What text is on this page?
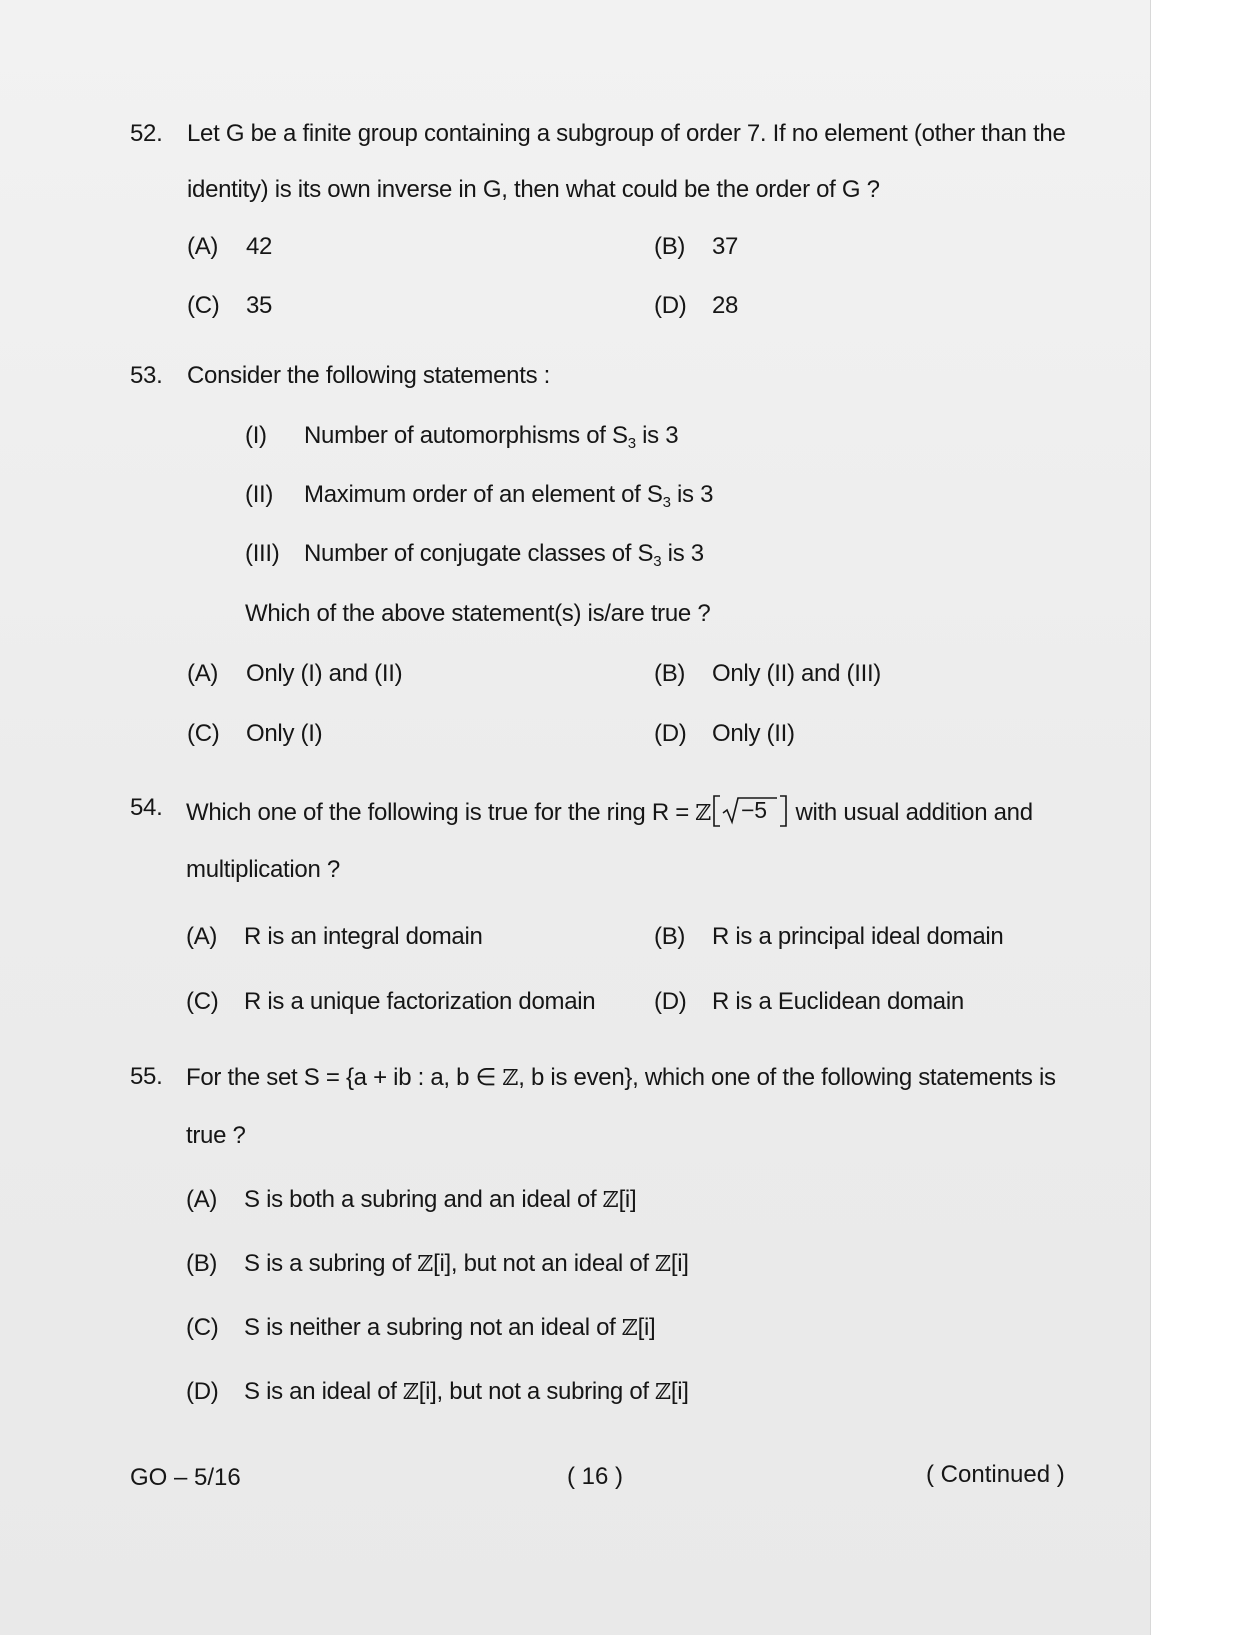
52. Let G be a finite group containing a subgroup of order 7. If no element (other than the
identity) is its own inverse in G, then what could be the order of G ?
(A) 42	(B) 37
(C) 35	(D) 28
53. Consider the following statements :
(I) Number of automorphisms of $S_3$ is 3
(II) Maximum order of an element of $S_3$ is 3
(III) Number of conjugate classes of $S_3$ is 3
Which of the above statement(s) is/are true ?
(A) Only (I) and (II)	(B) Only (II) and (III)
(C) Only (I)	(D) Only (II)
54. Which one of the following is true for the ring R = ℤ −5 with usual addition and
multiplication ?
(A) R is an integral domain	(B) R is a principal ideal domain
(C) R is a unique factorization domain (D) R is a Euclidean domain
55. For the set S = {a + ib : a, b ∈ ℤ, b is even}, which one of the following statements is
true ?
(A) S is both a subring and an ideal of ℤ[i]
(B) S is a subring of ℤ[i], but not an ideal of ℤ[i]
(C) S is neither a subring not an ideal of ℤ[i]
(D) S is an ideal of ℤ[i], but not a subring of ℤ[i]
GO – 5/16	( 16 )	( Continued )
